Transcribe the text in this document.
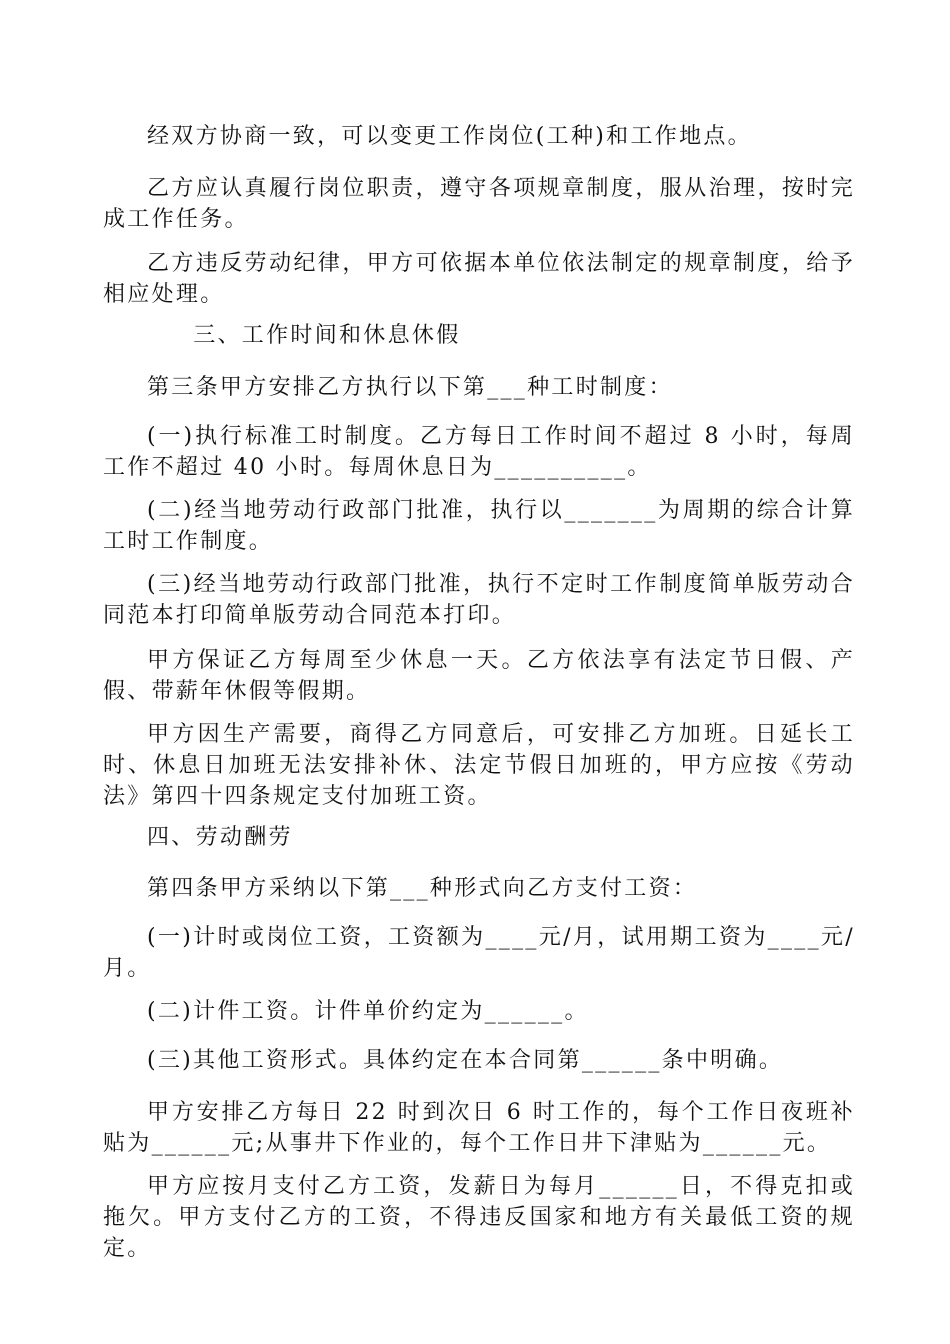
经双方协商一致，可以变更工作岗位(工种)和工作地点。

乙方应认真履行岗位职责，遵守各项规章制度，服从治理，按时完成工作任务。

乙方违反劳动纪律，甲方可依据本单位依法制定的规章制度，给予相应处理。

三、工作时间和休息休假

第三条甲方安排乙方执行以下第___种工时制度：

(一)执行标准工时制度。乙方每日工作时间不超过 8 小时，每周工作不超过 40 小时。每周休息日为__________。

(二)经当地劳动行政部门批准，执行以_______为周期的综合计算工时工作制度。

(三)经当地劳动行政部门批准，执行不定时工作制度简单版劳动合同范本打印简单版劳动合同范本打印。

甲方保证乙方每周至少休息一天。乙方依法享有法定节日假、产假、带薪年休假等假期。

甲方因生产需要，商得乙方同意后，可安排乙方加班。日延长工时、休息日加班无法安排补休、法定节假日加班的，甲方应按《劳动法》第四十四条规定支付加班工资。

四、劳动酬劳

第四条甲方采纳以下第___种形式向乙方支付工资：

(一)计时或岗位工资，工资额为____元/月，试用期工资为____元/月。

(二)计件工资。计件单价约定为______。

(三)其他工资形式。具体约定在本合同第______条中明确。

甲方安排乙方每日 22 时到次日 6 时工作的，每个工作日夜班补贴为______元;从事井下作业的，每个工作日井下津贴为______元。

甲方应按月支付乙方工资，发薪日为每月______日，不得克扣或拖欠。甲方支付乙方的工资，不得违反国家和地方有关最低工资的规定。
